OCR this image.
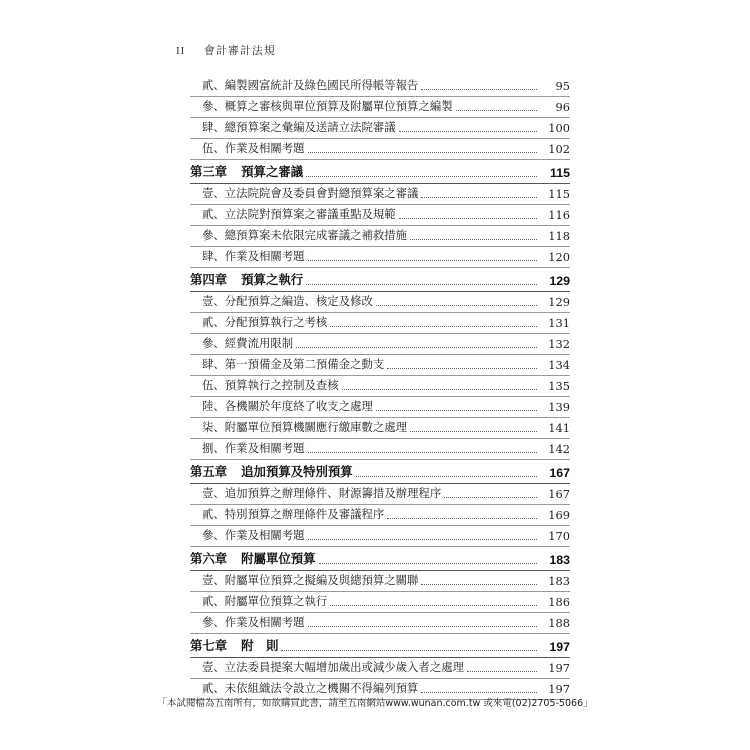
II 會計審計法規
貳、編製國富統計及綠色國民所得帳等報告	95
參、概算之審核與單位預算及附屬單位預算之編製	96
肆、總預算案之彙編及送請立法院審議	100
伍、作業及相關考題	102
第三章 預算之審議	115
壹、立法院院會及委員會對總預算案之審議	115
貳、立法院對預算案之審議重點及規範	116
參、總預算案未依限完成審議之補救措施	118
肆、作業及相關考題	120
第四章 預算之執行	129
壹、分配預算之編造、核定及修改	129
貳、分配預算執行之考核	131
參、經費流用限制	132
肆、第一預備金及第二預備金之動支	134
伍、預算執行之控制及查核	135
陸、各機關於年度終了收支之處理	139
柒、附屬單位預算機關應行繳庫數之處理	141
捌、作業及相關考題	142
第五章 追加預算及特別預算	167
壹、追加預算之辦理條件、財源籌措及辦理程序	167
貳、特別預算之辦理條件及審議程序	169
參、作業及相關考題	170
第六章 附屬單位預算	183
壹、附屬單位預算之擬編及與總預算之關聯	183
貳、附屬單位預算之執行	186
參、作業及相關考題	188
第七章 附　則	197
壹、立法委員提案大幅增加歲出或減少歲入者之處理	197
貳、未依組織法令設立之機關不得編列預算	197
「本試閱檔為五南所有，如欲購買此書，請至五南網站www.wunan.com.tw 或來電(02)2705-5066」
